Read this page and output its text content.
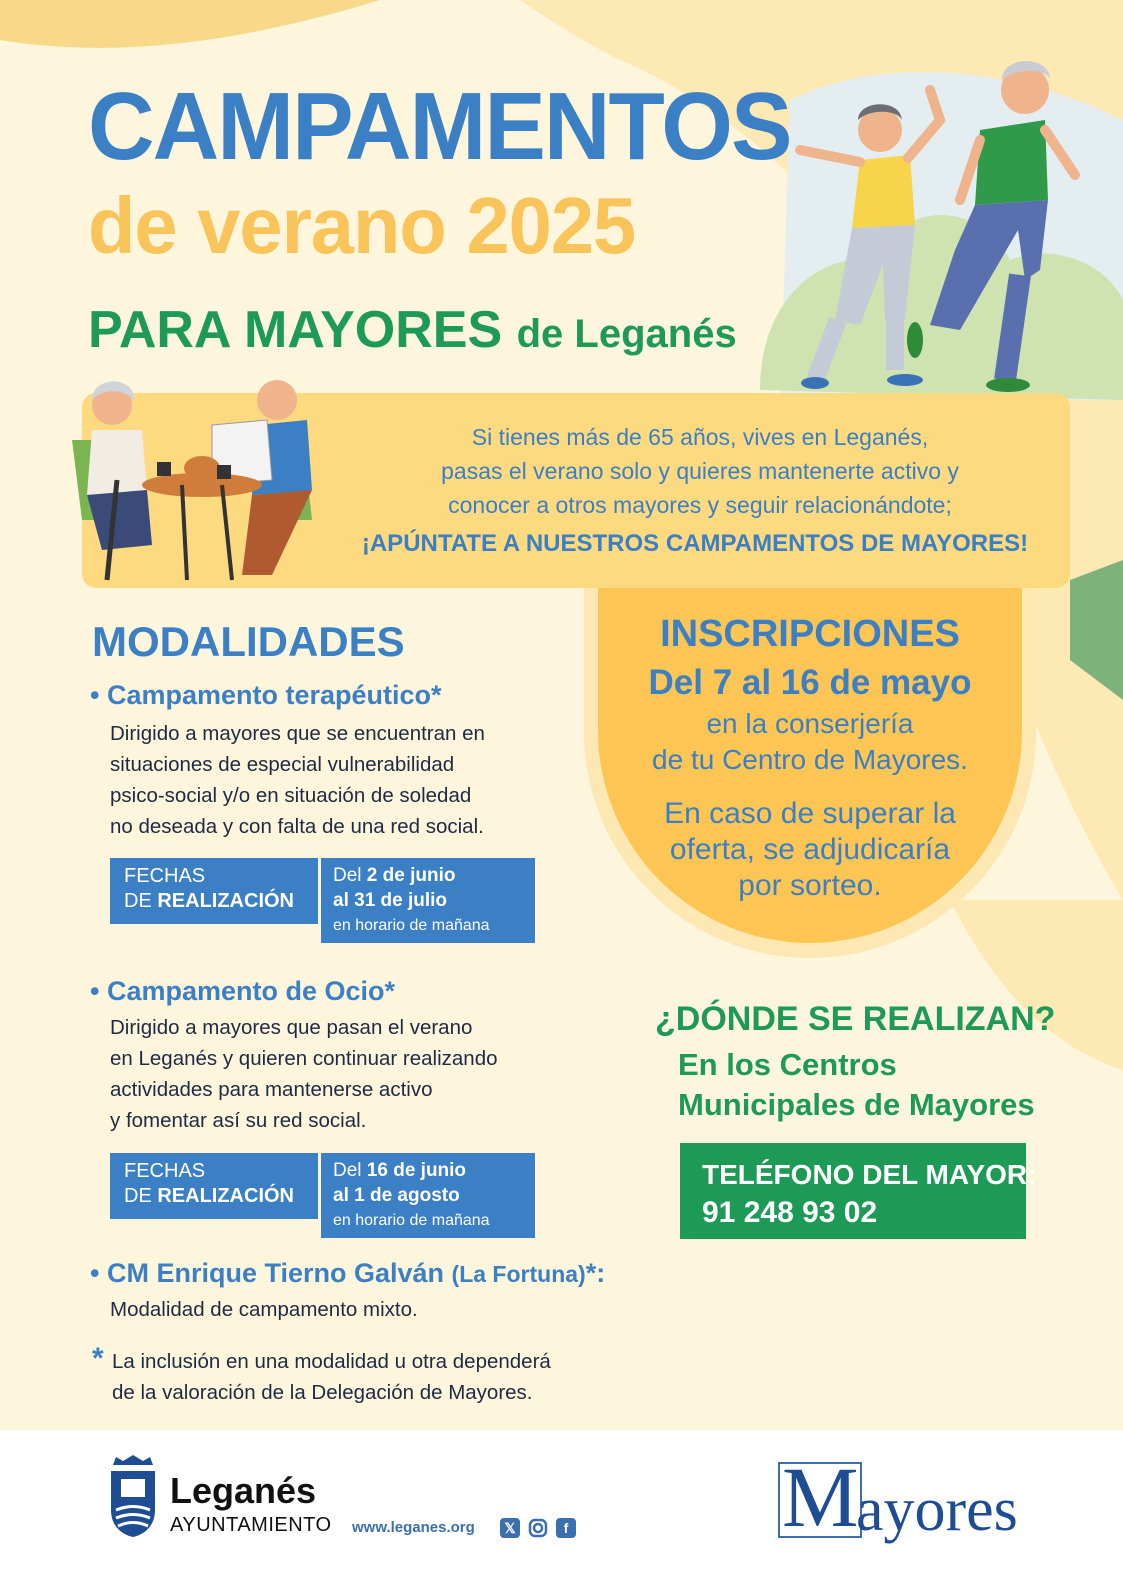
CAMPAMENTOS
de verano 2025
PARA MAYORES de Leganés
Si tienes más de 65 años, vives en Leganés,
pasas el verano solo y quieres mantenerte activo y
conocer a otros mayores y seguir relacionándote;
¡APÚNTATE A NUESTROS CAMPAMENTOS DE MAYORES!
INSCRIPCIONES
Del 7 al 16 de mayo
en la conserjería
de tu Centro de Mayores.
En caso de superar la
oferta, se adjudicaría
por sorteo.
MODALIDADES
• Campamento terapéutico*
Dirigido a mayores que se encuentran en
situaciones de especial vulnerabilidad
psico-social y/o en situación de soledad
no deseada y con falta de una red social.
FECHAS
DE REALIZACIÓN
Del 2 de junio
al 31 de julio
en horario de mañana
• Campamento de Ocio*
Dirigido a mayores que pasan el verano
en Leganés y quieren continuar realizando
actividades para mantenerse activo
y fomentar así su red social.
FECHAS
DE REALIZACIÓN
Del 16 de junio
al 1 de agosto
en horario de mañana
• CM Enrique Tierno Galván (La Fortuna)*:
Modalidad de campamento mixto.
* La inclusión en una modalidad u otra dependerá
de la valoración de la Delegación de Mayores.
¿DÓNDE SE REALIZAN?
En los Centros
Municipales de Mayores
TELÉFONO DEL MAYOR:
91 248 93 02
Leganés
AYUNTAMIENTO www.leganes.org	𝕏	f M
ayores
